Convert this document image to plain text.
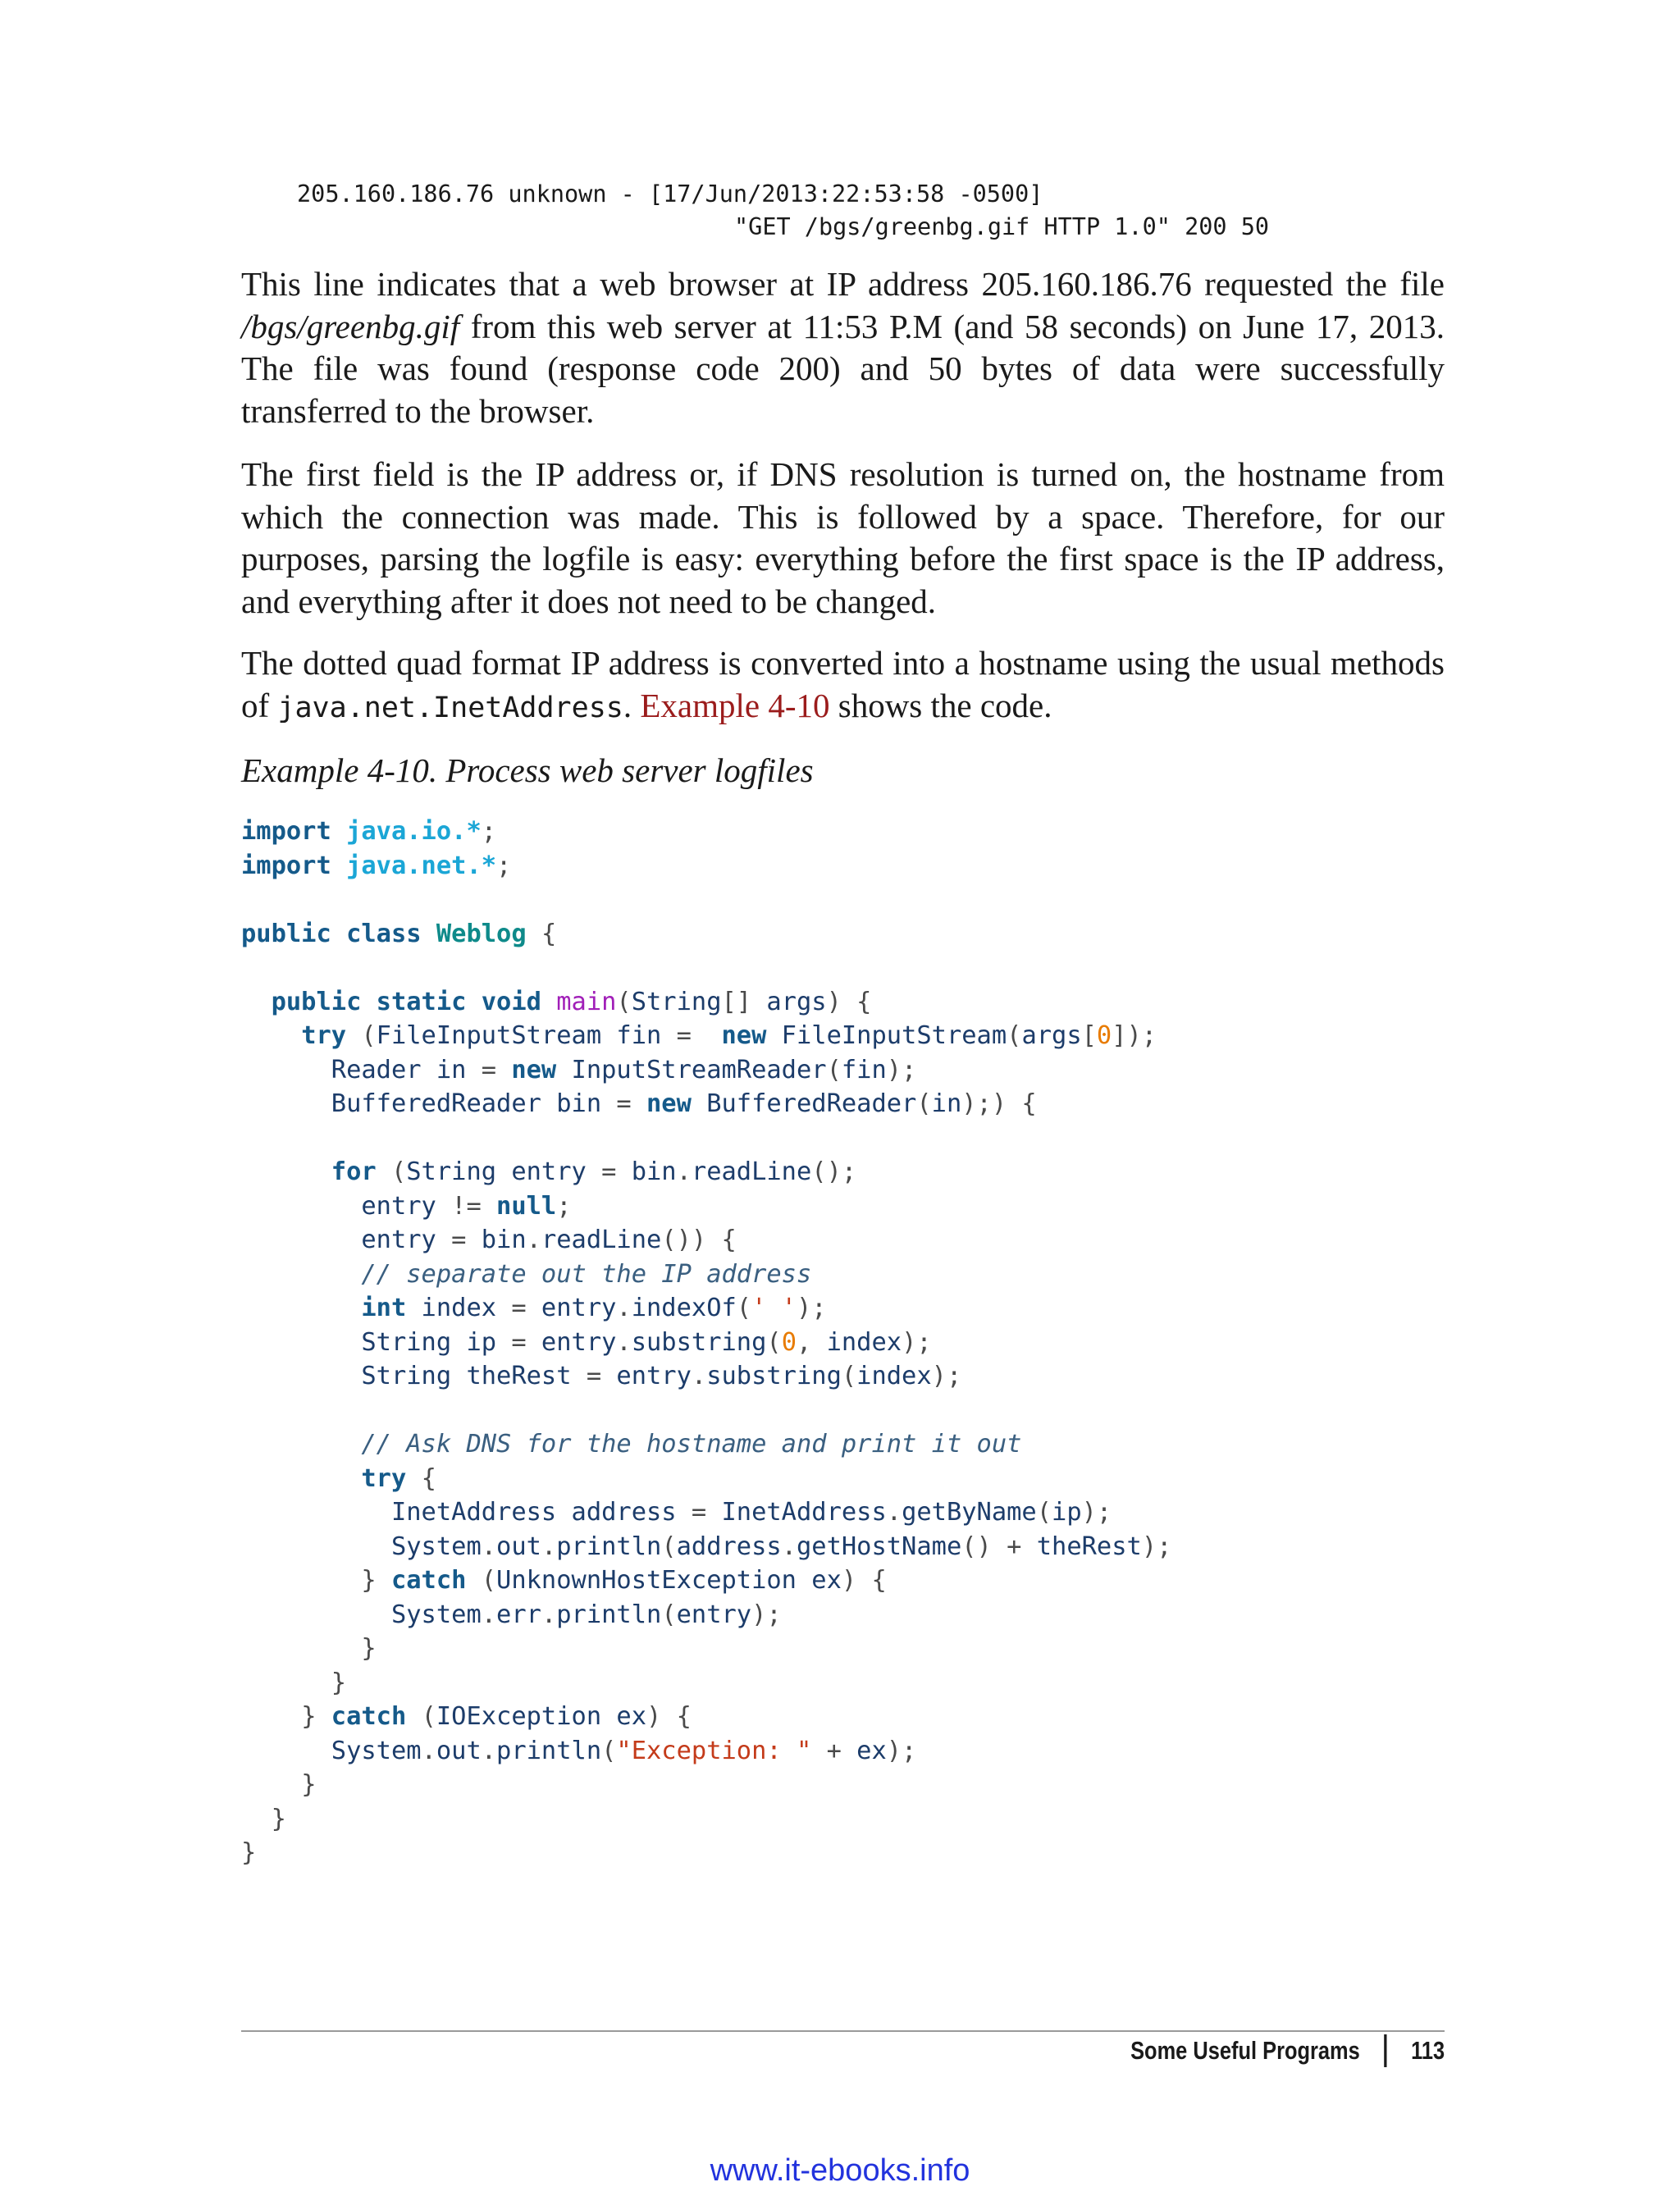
205.160.186.76 unknown - [17/Jun/2013:22:53:58 -0500]
"GET /bgs/greenbg.gif HTTP 1.0" 200 50

This line indicates that a web browser at IP address 205.160.186.76 requested the file /bgs/greenbg.gif from this web server at 11:53 P.M (and 58 seconds) on June 17, 2013. The file was found (response code 200) and 50 bytes of data were successfully transferred to the browser.

The first field is the IP address or, if DNS resolution is turned on, the hostname from which the connection was made. This is followed by a space. Therefore, for our purposes, parsing the logfile is easy: everything before the first space is the IP address, and everything after it does not need to be changed.

The dotted quad format IP address is converted into a hostname using the usual methods of java.net.InetAddress. Example 4-10 shows the code.

Example 4-10. Process web server logfiles

import java.io.*;
import java.net.*;

public class Weblog {

public static void main(String[] args) {
try (FileInputStream fin = new FileInputStream(args[0]);
Reader in = new InputStreamReader(fin);
BufferedReader bin = new BufferedReader(in);) {

for (String entry = bin.readLine();
entry != null;
entry = bin.readLine()) {
// separate out the IP address
int index = entry.indexOf(' ');
String ip = entry.substring(0, index);
String theRest = entry.substring(index);

// Ask DNS for the hostname and print it out
try {
InetAddress address = InetAddress.getByName(ip);
System.out.println(address.getHostName() + theRest);
} catch (UnknownHostException ex) {
System.err.println(entry);
}
}
} catch (IOException ex) {
System.out.println("Exception: " + ex);
}
}
}
Some Useful Programs 113
www.it-ebooks.info
